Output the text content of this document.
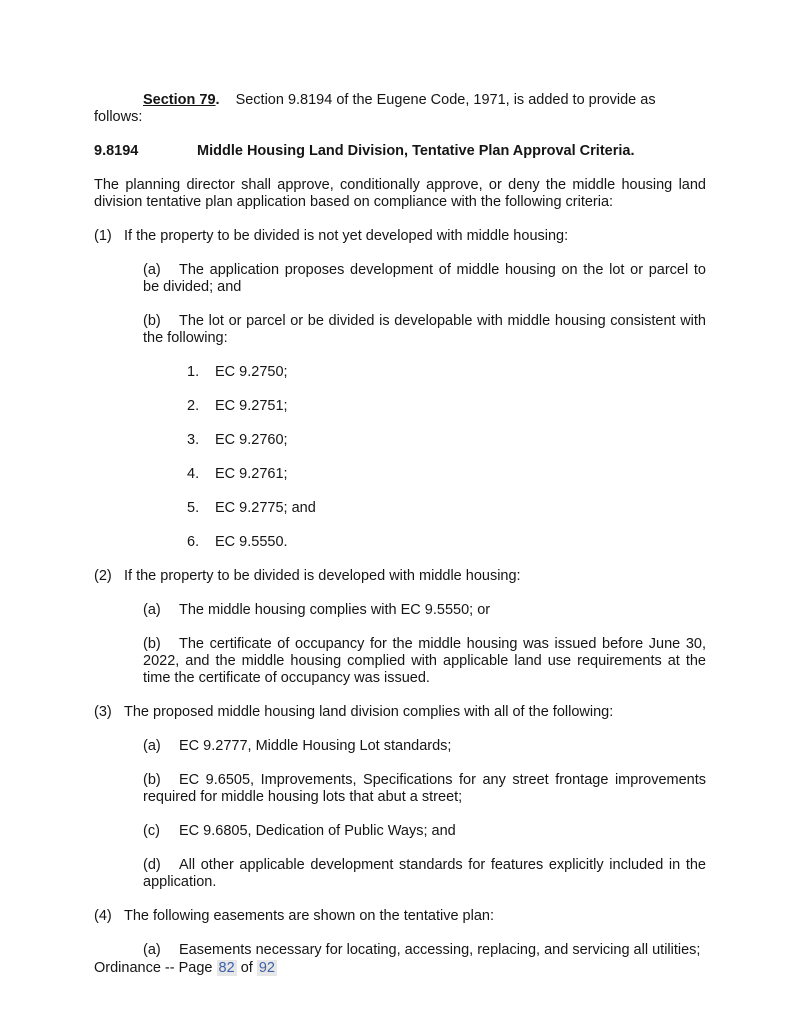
Section 79. Section 9.8194 of the Eugene Code, 1971, is added to provide as follows:

9.8194	Middle Housing Land Division, Tentative Plan Approval Criteria.

The planning director shall approve, conditionally approve, or deny the middle housing land division tentative plan application based on compliance with the following criteria:

(1) If the property to be divided is not yet developed with middle housing:

(a) The application proposes development of middle housing on the lot or parcel to be divided; and

(b) The lot or parcel or be divided is developable with middle housing consistent with the following:

1. EC 9.2750;

2. EC 9.2751;

3. EC 9.2760;

4. EC 9.2761;

5. EC 9.2775; and

6. EC 9.5550.

(2) If the property to be divided is developed with middle housing:

(a) The middle housing complies with EC 9.5550; or

(b) The certificate of occupancy for the middle housing was issued before June 30, 2022, and the middle housing complied with applicable land use requirements at the time the certificate of occupancy was issued.

(3) The proposed middle housing land division complies with all of the following:

(a) EC 9.2777, Middle Housing Lot standards;

(b) EC 9.6505, Improvements, Specifications for any street frontage improvements required for middle housing lots that abut a street;

(c) EC 9.6805, Dedication of Public Ways; and

(d) All other applicable development standards for features explicitly included in the application.

(4) The following easements are shown on the tentative plan:

(a) Easements necessary for locating, accessing, replacing, and servicing all utilities;

Ordinance -- Page 82 of 92
